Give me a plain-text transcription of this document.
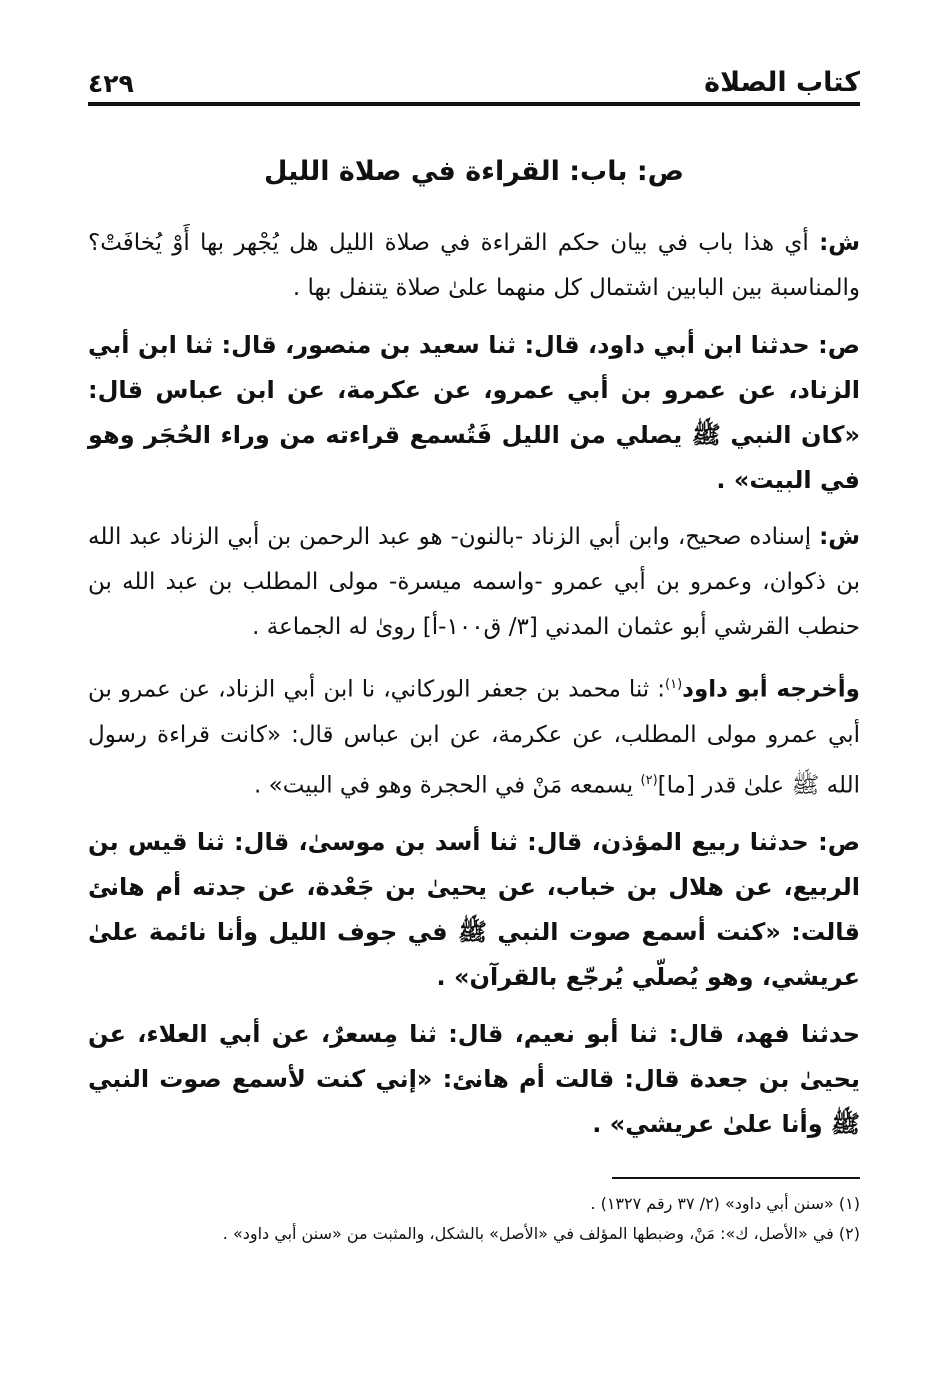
كتاب الصلاة
٤٢٩
ص: باب: القراءة في صلاة الليل

ش: أي هذا باب في بيان حكم القراءة في صلاة الليل هل يُجْهر بها أَوْ يُخافَتْ؟ والمناسبة بين البابين اشتمال كل منهما علىٰ صلاة يتنفل بها .

ص: حدثنا ابن أبي داود، قال: ثنا سعيد بن منصور، قال: ثنا ابن أبي الزناد، عن عمرو بن أبي عمرو، عن عكرمة، عن ابن عباس قال: «كان النبي ﷺ يصلي من الليل فَتُسمع قراءته من وراء الحُجَر وهو في البيت» .

ش: إسناده صحيح، وابن أبي الزناد -بالنون- هو عبد الرحمن بن أبي الزناد عبد الله بن ذكوان، وعمرو بن أبي عمرو -واسمه ميسرة- مولى المطلب بن عبد الله بن حنطب القرشي أبو عثمان المدني [٣/ ق١٠٠-أ] روىٰ له الجماعة .

وأخرجه أبو داود$^{(١)}$: ثنا محمد بن جعفر الوركاني، نا ابن أبي الزناد، عن عمرو بن أبي عمرو مولى المطلب، عن عكرمة، عن ابن عباس قال: «كانت قراءة رسول الله ﷺ علىٰ قدر [ما]$^{(٢)}$ يسمعه مَنْ في الحجرة وهو في البيت» .

ص: حدثنا ربيع المؤذن، قال: ثنا أسد بن موسىٰ، قال: ثنا قيس بن الربيع، عن هلال بن خباب، عن يحيىٰ بن جَعْدة، عن جدته أم هانئ قالت: «كنت أسمع صوت النبي ﷺ في جوف الليل وأنا نائمة علىٰ عريشي، وهو يُصلّي يُرجّع بالقرآن» .

حدثنا فهد، قال: ثنا أبو نعيم، قال: ثنا مِسعرٌ، عن أبي العلاء، عن يحيىٰ بن جعدة قال: قالت أم هانئ: «إني كنت لأسمع صوت النبي ﷺ وأنا علىٰ عريشي» .

(١) «سنن أبي داود» (٢/ ٣٧ رقم ١٣٢٧) .

(٢) في «الأصل، ك»: مَنْ، وضبطها المؤلف في «الأصل» بالشكل، والمثبت من «سنن أبي داود» .
